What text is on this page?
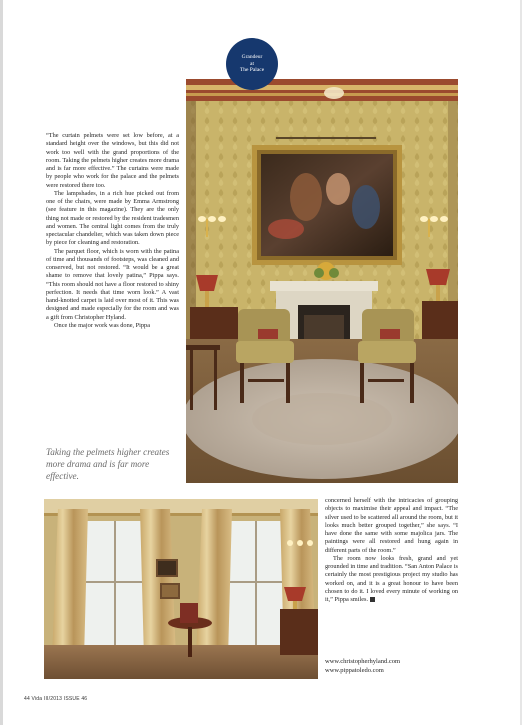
Grandeur
at
The Palace

“The curtain pelmets were set low before, at a standard height over the windows, but this did not work too well with the grand proportions of the room. Taking the pelmets higher creates more drama and is far more effective.” The curtains were made by people who work for the palace and the pelmets were restored there too.

The lampshades, in a rich hue picked out from one of the chairs, were made by Emma Armstrong (see feature in this magazine). They are the only thing not made or restored by the resident tradesmen and women. The central light comes from the truly spectacular chandelier, which was taken down piece by piece for cleaning and restoration.

The parquet floor, which is worn with the patina of time and thousands of footsteps, was cleaned and conserved, but not restored. “It would be a great shame to remove that lovely patina,” Pippa says. “This room should not have a floor restored to shiny perfection. It needs that time worn look.” A vast hand-knotted carpet is laid over most of it. This was designed and made especially for the room and was a gift from Christopher Hyland.

Once the major work was done, Pippa

Taking the pelmets higher creates more drama and is far more effective.

concerned herself with the intricacies of grouping objects to maximise their appeal and impact. “The silver used to be scattered all around the room, but it looks much better grouped together,” she says. “I have done the same with some majolica jars. The paintings were all restored and hung again in different parts of the room.”

The room now looks fresh, grand and yet grounded in time and tradition. “San Anton Palace is certainly the most prestigious project my studio has worked on, and it is a great honour to have been chosen to do it. I loved every minute of working on it,” Pippa smiles.

www.christopherhyland.com
www.pippatoledo.com
44 Vida III/2013 ISSUE 46
